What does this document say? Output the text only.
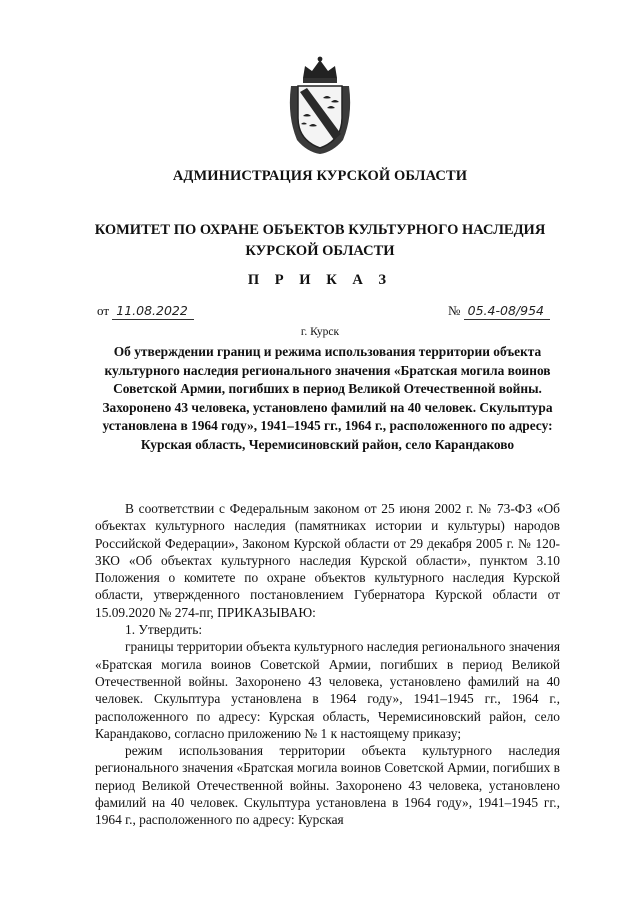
АДМИНИСТРАЦИЯ КУРСКОЙ ОБЛАСТИ
КОМИТЕТ ПО ОХРАНЕ ОБЪЕКТОВ КУЛЬТУРНОГО НАСЛЕДИЯ
КУРСКОЙ ОБЛАСТИ
П Р И К А З
от 11.08.2022	№ 05.4-08/954
г. Курск
Об утверждении границ и режима использования территории объекта культурного наследия регионального значения «Братская могила воинов Советской Армии, погибших в период Великой Отечественной войны. Захоронено 43 человека, установлено фамилий на 40 человек. Скульптура установлена в 1964 году», 1941–1945 гг., 1964 г., расположенного по адресу: Курская область, Черемисиновский район, село Карандаково

В соответствии с Федеральным законом от 25 июня 2002 г. № 73-ФЗ «Об объектах культурного наследия (памятниках истории и культуры) народов Российской Федерации», Законом Курской области от 29 декабря 2005 г. № 120-ЗКО «Об объектах культурного наследия Курской области», пунктом 3.10 Положения о комитете по охране объектов культурного наследия Курской области, утвержденного постановлением Губернатора Курской области от 15.09.2020 № 274-пг, ПРИКАЗЫВАЮ:

1. Утвердить:

границы территории объекта культурного наследия регионального значения «Братская могила воинов Советской Армии, погибших в период Великой Отечественной войны. Захоронено 43 человека, установлено фамилий на 40 человек. Скульптура установлена в 1964 году», 1941–1945 гг., 1964 г., расположенного по адресу: Курская область, Черемисиновский район, село Карандаково, согласно приложению № 1 к настоящему приказу;

режим использования территории объекта культурного наследия регионального значения «Братская могила воинов Советской Армии, погибших в период Великой Отечественной войны. Захоронено 43 человека, установлено фамилий на 40 человек. Скульптура установлена в 1964 году», 1941–1945 гг., 1964 г., расположенного по адресу: Курская
